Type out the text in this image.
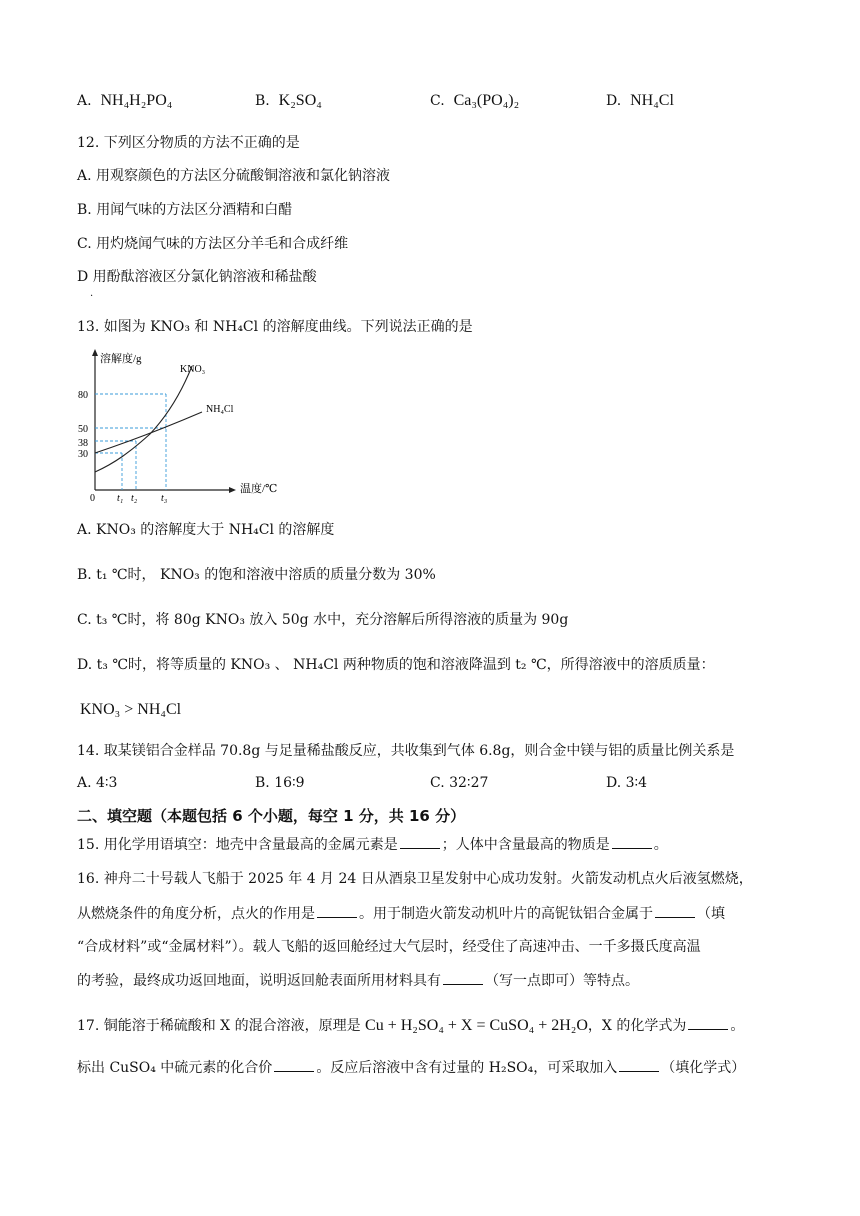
A. NH₄H₂PO₄	B. K₂SO₄	C. Ca₃(PO₄)₂	D. NH₄Cl
12. 下列区分物质的方法不正确的是
A. 用观察颜色的方法区分硫酸铜溶液和氯化钠溶液
B. 用闻气味的方法区分酒精和白醋
C. 用灼烧闻气味的方法区分羊毛和合成纤维
D 用酚酞溶液区分氯化钠溶液和稀盐酸
.
13. 如图为 KNO₃ 和 NH₄Cl 的溶解度曲线。下列说法正确的是
溶解度/g
温度/℃
0
80
50
38
30
KNO₃
NH₄Cl
t₁ t₂ t₃
A. KNO₃ 的溶解度大于 NH₄Cl 的溶解度
B. t₁ ℃时， KNO₃ 的饱和溶液中溶质的质量分数为 30%
C. t₃ ℃时，将 80g KNO₃ 放入 50g 水中，充分溶解后所得溶液的质量为 90g
D. t₃ ℃时，将等质量的 KNO₃ 、 NH₄Cl 两种物质的饱和溶液降温到 t₂ ℃，所得溶液中的溶质质量：
KNO₃ > NH₄Cl
14. 取某镁铝合金样品 70.8g 与足量稀盐酸反应，共收集到气体 6.8g，则合金中镁与铝的质量比例关系是
A. 4∶3	B. 16∶9	C. 32∶27	D. 3∶4
二、填空题（本题包括 6 个小题，每空 1 分，共 16 分）
15. 用化学用语填空：地壳中含量最高的金属元素是	；人体中含量最高的物质是	。
16. 神舟二十号载人飞船于 2025 年 4 月 24 日从酒泉卫星发射中心成功发射。火箭发动机点火后液氢燃烧，
从燃烧条件的角度分析，点火的作用是	。用于制造火箭发动机叶片的高铌钛铝合金属于	（填
“合成材料”或“金属材料”）。载人飞船的返回舱经过大气层时，经受住了高速冲击、一千多摄氏度高温
的考验，最终成功返回地面，说明返回舱表面所用材料具有	（写一点即可）等特点。
17. 铜能溶于稀硫酸和 X 的混合溶液，原理是 Cu + H₂SO₄ + X = CuSO₄ + 2H₂O，X 的化学式为	。
标出 CuSO₄ 中硫元素的化合价	。反应后溶液中含有过量的 H₂SO₄，可采取加入	（填化学式）
